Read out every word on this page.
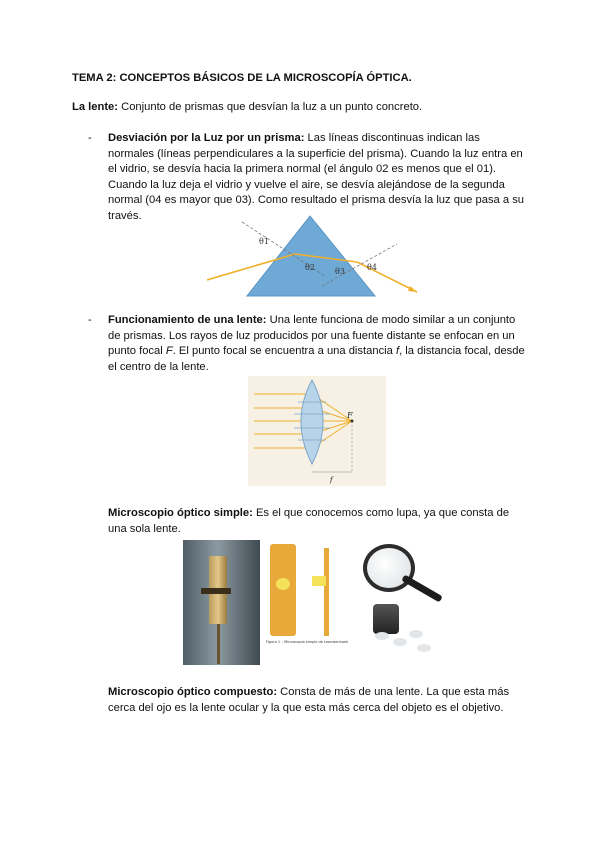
TEMA 2: CONCEPTOS BÁSICOS DE LA MICROSCOPÍA ÓPTICA.
La lente: Conjunto de prismas que desvían la luz a un punto concreto.
- Desviación por la Luz por un prisma: Las líneas discontinuas indican las normales (líneas perpendiculares a la superficie del prisma). Cuando la luz entra en el vidrio, se desvía hacia la primera normal (el ángulo 02 es menos que el 01). Cuando la luz deja el vidrio y vuelve el aire, se desvía alejándose de la segunda normal (04 es mayor que 03). Como resultado el prisma desvía la luz que pasa a su través.
θ1
θ2	θ3	θ4
- Funcionamiento de una lente: Una lente funciona de modo similar a un conjunto de prismas. Los rayos de luz producidos por una fuente distante se enfocan en un punto focal F. El punto focal se encuentra a una distancia f, la distancia focal, desde el centro de la lente.
F
f
Microscopio óptico simple: Es el que conocemos como lupa, ya que consta de una sola lente.
Figura 1 – Microscopio simple de Leeuwenhoek
Microscopio óptico compuesto: Consta de más de una lente. La que esta más cerca del ojo es la lente ocular y la que esta más cerca del objeto es el objetivo.
